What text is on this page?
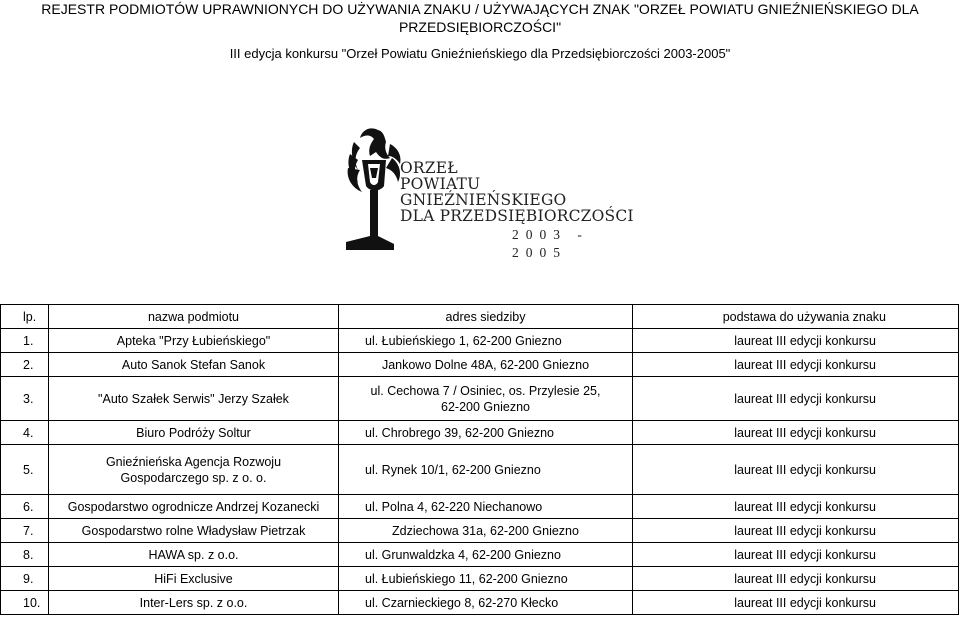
REJESTR PODMIOTÓW UPRAWNIONYCH DO UŻYWANIA ZNAKU / UŻYWAJĄCYCH ZNAK "ORZEŁ POWIATU GNIEŹNIEŃSKIEGO DLA
PRZEDSIĘBIORCZOŚCI"
III edycja konkursu "Orzeł Powiatu Gnieźnieńskiego dla Przedsiębiorczości 2003-2005"
ORZEŁ
POWIATU
GNIEŹNIEŃSKIEGO
DLA PRZEDSIĘBIORCZOŚCI
2003 - 2005
lp.	nazwa podmiotu	adres siedziby	podstawa do używania znaku
1.	Apteka "Przy Łubieńskiego"	ul. Łubieńskiego 1, 62-200 Gniezno	laureat III edycji konkursu
2.	Auto Sanok Stefan Sanok	Jankowo Dolne 48A, 62-200 Gniezno	laureat III edycji konkursu
3.	"Auto Szałek Serwis" Jerzy Szałek	ul. Cechowa 7 / Osiniec, os. Przylesie 25,
62-200 Gniezno	laureat III edycji konkursu
4.	Biuro Podróży Soltur	ul. Chrobrego 39, 62-200 Gniezno	laureat III edycji konkursu
5.	Gnieźnieńska Agencja Rozwoju
Gospodarczego sp. z o. o.	ul. Rynek 10/1, 62-200 Gniezno	laureat III edycji konkursu
6.	Gospodarstwo ogrodnicze Andrzej Kozanecki	ul. Polna 4, 62-220 Niechanowo	laureat III edycji konkursu
7.	Gospodarstwo rolne Władysław Pietrzak	Zdziechowa 31a, 62-200 Gniezno	laureat III edycji konkursu
8.	HAWA sp. z o.o.	ul. Grunwaldzka 4, 62-200 Gniezno	laureat III edycji konkursu
9.	HiFi Exclusive	ul. Łubieńskiego 11, 62-200 Gniezno	laureat III edycji konkursu
10.	Inter-Lers sp. z o.o.	ul. Czarnieckiego 8, 62-270 Kłecko	laureat III edycji konkursu
